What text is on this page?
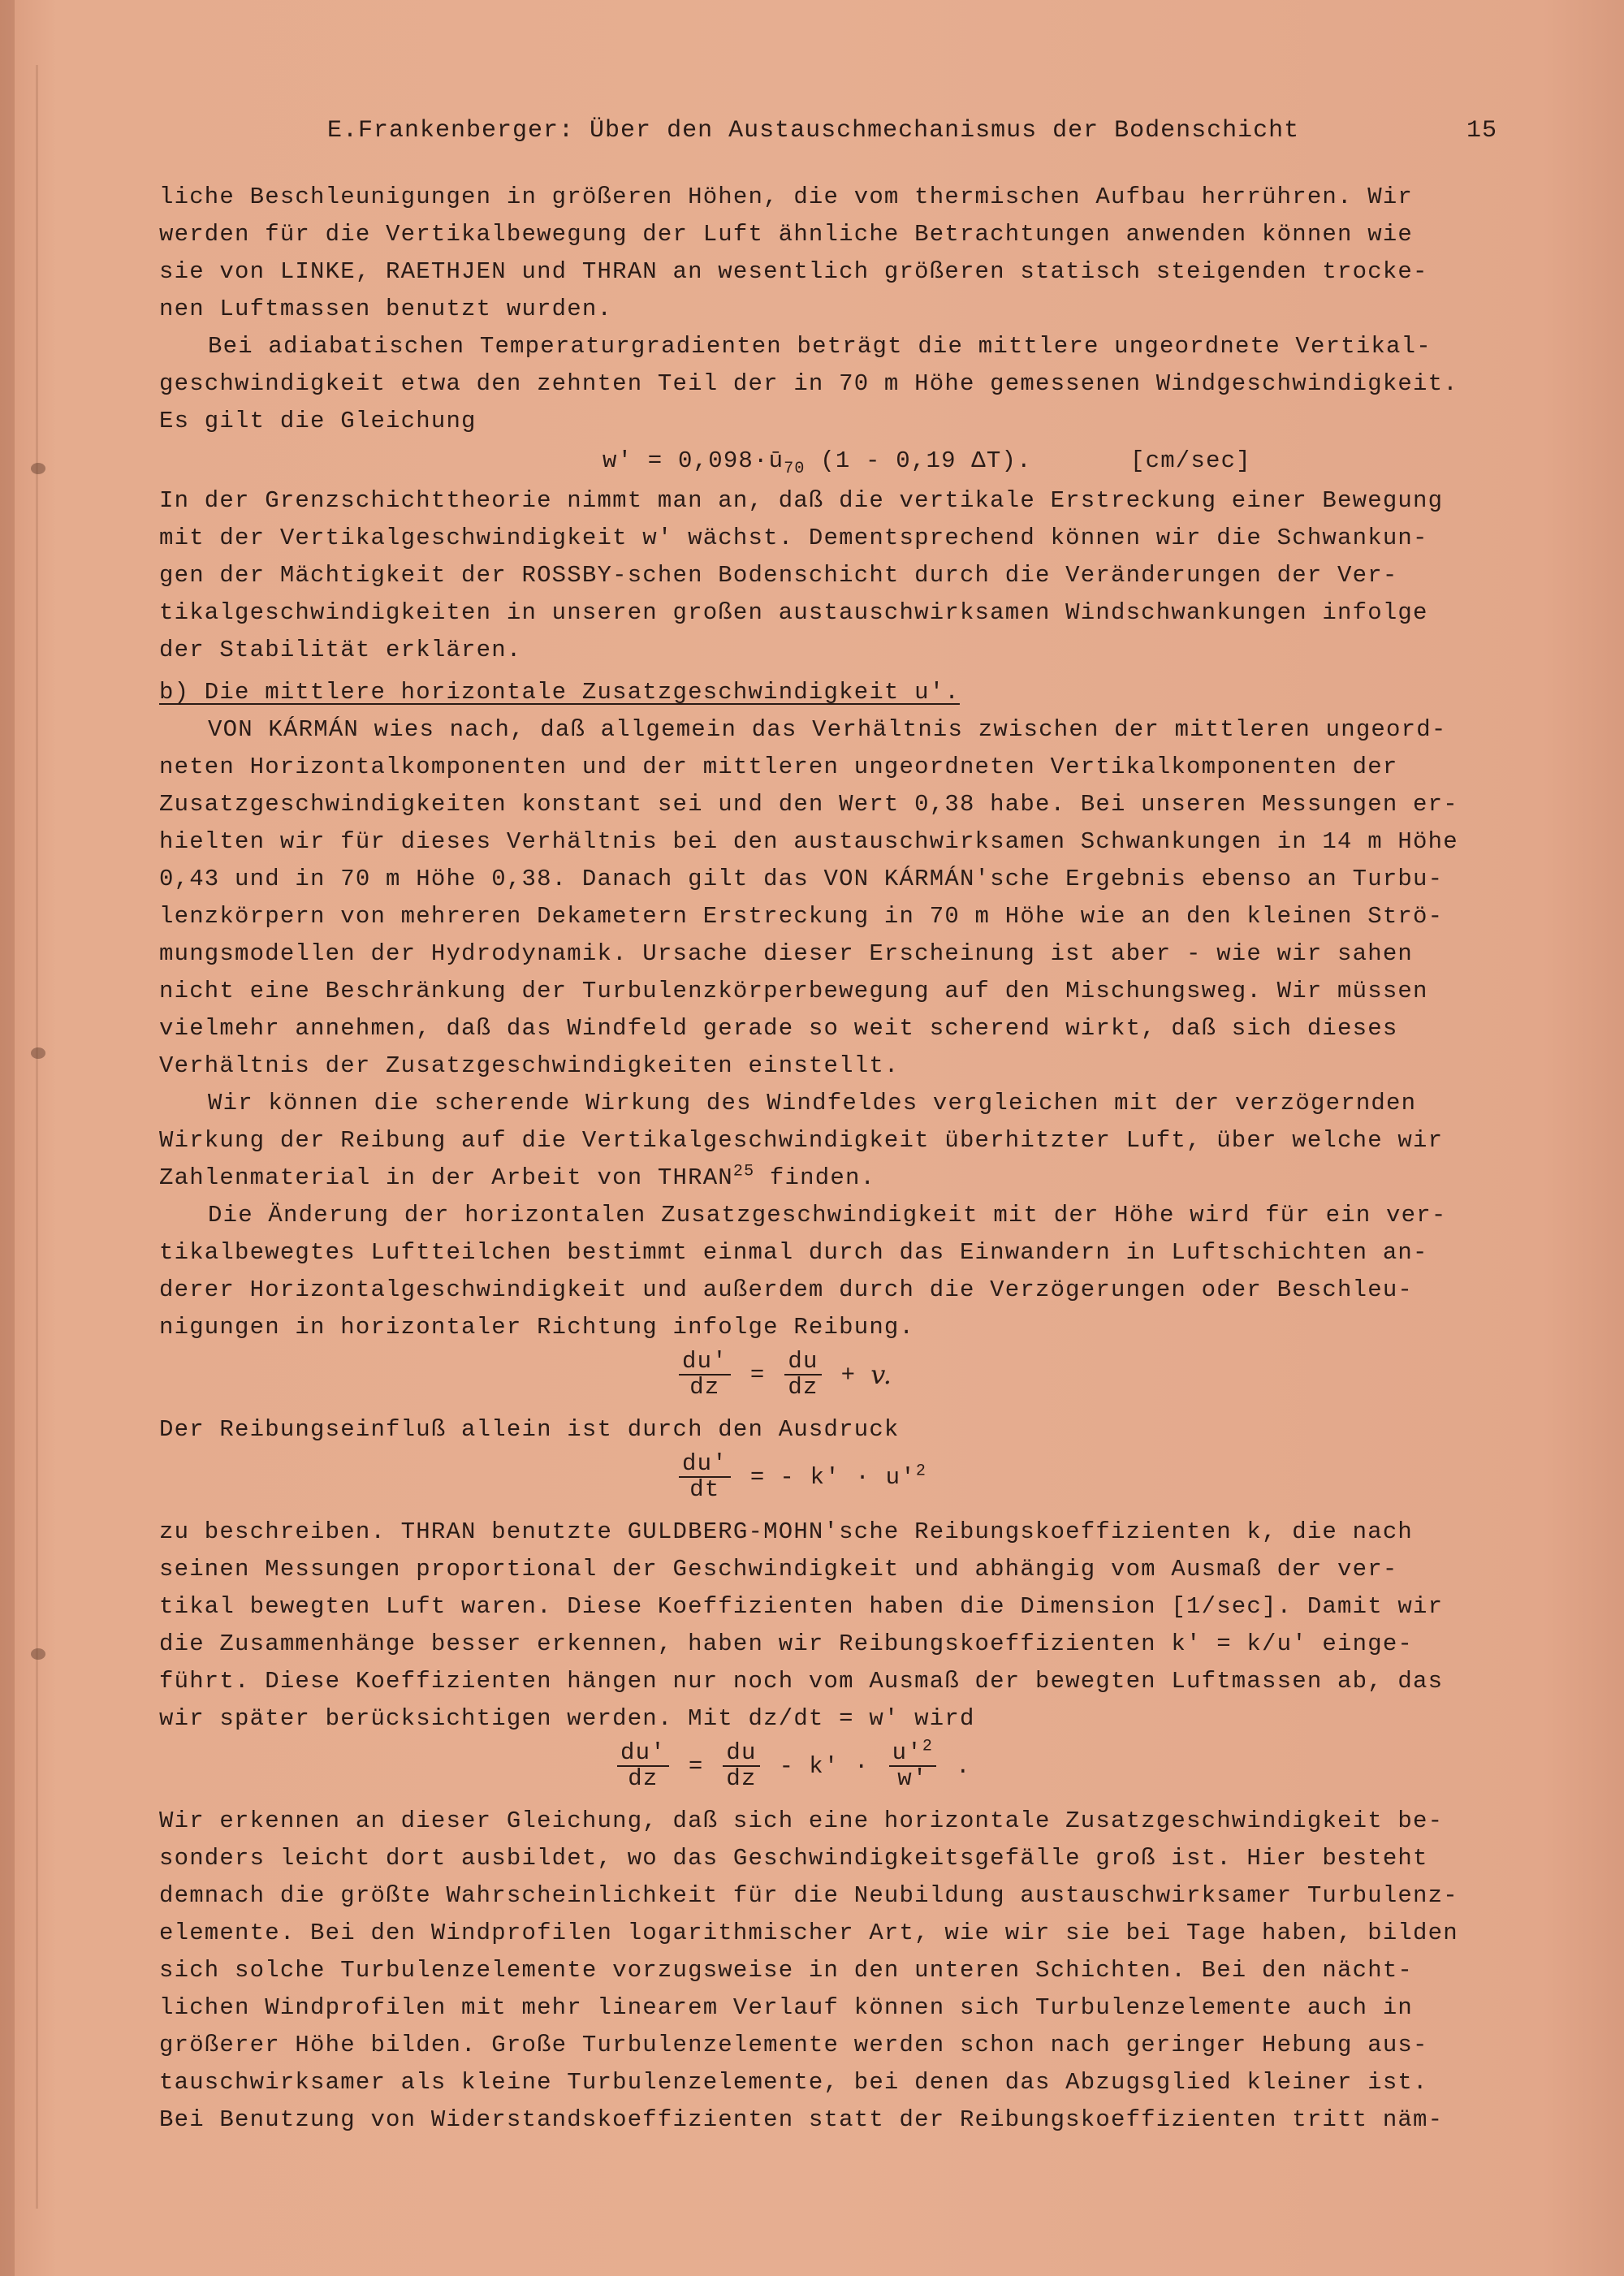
E.Frankenberger: Über den Austauschmechanismus der Bodenschicht	15
liche Beschleunigungen in größeren Höhen, die vom thermischen Aufbau herrühren. Wir
werden für die Vertikalbewegung der Luft ähnliche Betrachtungen anwenden können wie
sie von LINKE, RAETHJEN und THRAN an wesentlich größeren statisch steigenden trocke-
nen Luftmassen benutzt wurden.
Bei adiabatischen Temperaturgradienten beträgt die mittlere ungeordnete Vertikal-
geschwindigkeit etwa den zehnten Teil der in 70 m Höhe gemessenen Windgeschwindigkeit.
Es gilt die Gleichung
$w' = 0,098\cdot ū_{70}$ (1 - 0,19 ΔT).	[cm/sec]
In der Grenzschichttheorie nimmt man an, daß die vertikale Erstreckung einer Bewegung
mit der Vertikalgeschwindigkeit w' wächst. Dementsprechend können wir die Schwankun-
gen der Mächtigkeit der ROSSBY-schen Bodenschicht durch die Veränderungen der Ver-
tikalgeschwindigkeiten in unseren großen austauschwirksamen Windschwankungen infolge
der Stabilität erklären.
b) Die mittlere horizontale Zusatzgeschwindigkeit u'.
VON KÁRMÁN wies nach, daß allgemein das Verhältnis zwischen der mittleren ungeord-
neten Horizontalkomponenten und der mittleren ungeordneten Vertikalkomponenten der
Zusatzgeschwindigkeiten konstant sei und den Wert 0,38 habe. Bei unseren Messungen er-
hielten wir für dieses Verhältnis bei den austauschwirksamen Schwankungen in 14 m Höhe
0,43 und in 70 m Höhe 0,38. Danach gilt das VON KÁRMÁN'sche Ergebnis ebenso an Turbu-
lenzkörpern von mehreren Dekametern Erstreckung in 70 m Höhe wie an den kleinen Strö-
mungsmodellen der Hydrodynamik. Ursache dieser Erscheinung ist aber - wie wir sahen
nicht eine Beschränkung der Turbulenzkörperbewegung auf den Mischungsweg. Wir müssen
vielmehr annehmen, daß das Windfeld gerade so weit scherend wirkt, daß sich dieses
Verhältnis der Zusatzgeschwindigkeiten einstellt.
Wir können die scherende Wirkung des Windfeldes vergleichen mit der verzögernden
Wirkung der Reibung auf die Vertikalgeschwindigkeit überhitzter Luft, über welche wir
Zahlenmaterial in der Arbeit von THRAN$^{25}$ finden.
Die Änderung der horizontalen Zusatzgeschwindigkeit mit der Höhe wird für ein ver-
tikalbewegtes Luftteilchen bestimmt einmal durch das Einwandern in Luftschichten an-
derer Horizontalgeschwindigkeit und außerdem durch die Verzögerungen oder Beschleu-
nigungen in horizontaler Richtung infolge Reibung.
$\frac{du'}{dz} = \frac{du}{dz} + v$.
Der Reibungseinfluß allein ist durch den Ausdruck
$\frac{du'}{dt}$ = - $k' \cdot u'^2$
zu beschreiben. THRAN benutzte GULDBERG-MOHN'sche Reibungskoeffizienten k, die nach
seinen Messungen proportional der Geschwindigkeit und abhängig vom Ausmaß der ver-
tikal bewegten Luft waren. Diese Koeffizienten haben die Dimension [1/sec]. Damit wir
die Zusammenhänge besser erkennen, haben wir Reibungskoeffizienten k' = k/u' einge-
führt. Diese Koeffizienten hängen nur noch vom Ausmaß der bewegten Luftmassen ab, das
wir später berücksichtigen werden. Mit dz/dt = w' wird
$\frac{du'}{dz} = \frac{du}{dz} - k' \cdot \frac{u'^2}{w'}$ .
Wir erkennen an dieser Gleichung, daß sich eine horizontale Zusatzgeschwindigkeit be-
sonders leicht dort ausbildet, wo das Geschwindigkeitsgefälle groß ist. Hier besteht
demnach die größte Wahrscheinlichkeit für die Neubildung austauschwirksamer Turbulenz-
elemente. Bei den Windprofilen logarithmischer Art, wie wir sie bei Tage haben, bilden
sich solche Turbulenzelemente vorzugsweise in den unteren Schichten. Bei den nächt-
lichen Windprofilen mit mehr linearem Verlauf können sich Turbulenzelemente auch in
größerer Höhe bilden. Große Turbulenzelemente werden schon nach geringer Hebung aus-
tauschwirksamer als kleine Turbulenzelemente, bei denen das Abzugsglied kleiner ist.
Bei Benutzung von Widerstandskoeffizienten statt der Reibungskoeffizienten tritt näm-
